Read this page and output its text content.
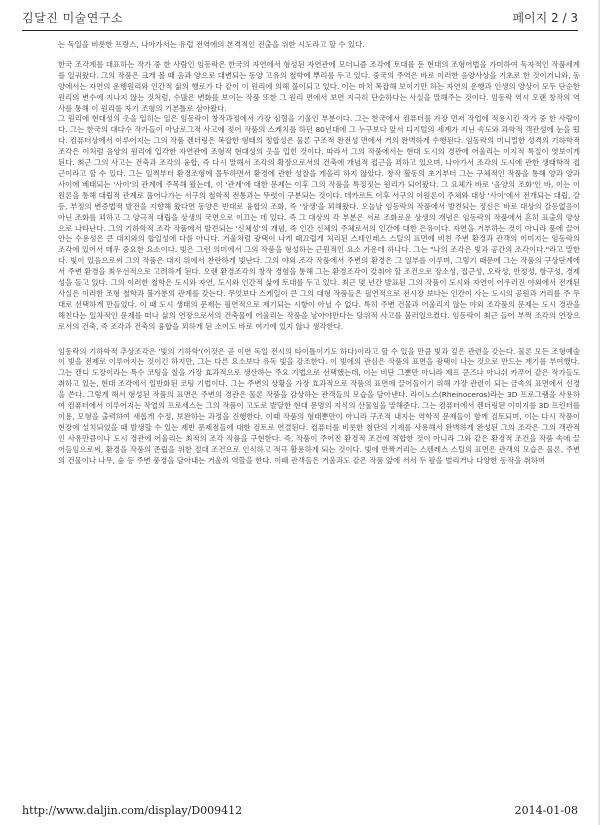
김달진 미술연구소	페이지 2 / 3

는 독일을 비롯한 프랑스, 나아가서는 유럽 전역에의 본격적인 진출을 위한 시도라고 할 수 있다.

한국 조각계를 대표하는 작가 중 한 사람인 임동락은 한국의 자연에서 형성된 자연관에 모더니즘 조각에 토대를 둔 현대의 조형어법을 가미하여 독자적인 작품세계를 일궈왔다. 그의 작품은 크게 볼 때 음과 양으로 대변되는 동양 고유의 철학에 뿌리를 두고 있다. 중국의 주역은 바로 이러한 음양사상을 기초로 한 것이거니와, 동양에서는 자연의 운행원리와 인간적 삶의 행로가 다 같이 이 원리에 의해 풀이되고 있다. 이는 마치 복잡해 보이기만 하는 자연의 운행과 인생의 양상이 모두 단순한 원리의 변수에 지나지 않는 것처럼, 수많은 변화를 보이는 작품 또한 그 원리 면에서 보면 지극히 단순하다는 사실을 말해주는 것이다. 임동락 역시 오랜 창작의 역사를 통해 이 원리를 자기 조형의 기본틀로 삼아왔다.

그 원리에 현대성의 옷을 입히는 일은 임동락이 창작과정에서 가장 심혈을 기울인 부분이다. 그는 한국에서 컴퓨터를 가장 먼저 작업에 적용시킨 작가 중 한 사람이다. 그는 한국의 대다수 작가들이 아날로그적 사고에 젖어 작품의 스케치를 하던 80년대에 그 누구보다 앞서 디지털의 세계가 지닌 속도와 과학적 객관성에 눈을 떴다. 컴퓨터상에서 이루어지는 그의 작품 렌더링은 복잡한 형태의 정합성은 물론 구조적 완전성 면에서 거의 완벽하게 수행된다. 임동락의 미니멀한 성격의 기하학적 조각은 이처럼 음양의 원리에 입각한 자연관에 조형적 현대성의 옷을 입힌 것이다. 따라서 그의 작품에서는 현대 도시의 경관에 어울리는 이지적 특질이 엿보이게 된다. 최근 그의 사고는 건축과 조각의 융합, 즉 다시 말해서 조각의 확장으로서의 건축에 개념적 접근을 꾀하고 있으며, 나아가서 조각의 도시에 관한 생태학적 접근이라고 할 수 있다. 그는 일찍부터 환경조형에 몰두하면서 환경에 관한 성찰을 게을리 하지 않았다. 창작 활동의 초기부터 그는 구체적인 작품을 통해 양과 양과 사이에 베태되는 '사이'의 관계에 주목해 왔는데, 이 '관계'에 대한 문제는 이후 그의 작품을 특징짓는 원리가 되어왔다. 그 요체가 바로 '음양의 조화'인 바, 이는 이원론을 통해 대립적 관계로 풀어나가는 서구의 철학적 전통과는 뚜렷이 구분되는 것이다. 데카르트 이후 서구의 이원론이 주체와 대상 '사이'에서 전개되는 대립, 갈등, 부정의 변증법적 발전을 지향해 왔다면 동양은 반대로 융합의 조화, 즉 '상생'을 꾀해왔다. 오늘날 임동락의 작품에서 발견되는 정신은 바로 대상의 갈등없음이 아닌 조화를 꾀하고 그 양극적 대립을 상생의 국면으로 이끄는 데 있다. 즉 그 대상의 각 부분은 서로 조화로운 상생의 개념은 임동락의 작품에서 흔히 표출의 양상으로 나타난다. 그의 기하학적 조각 작품에서 발견되는 '신체성'의 개념, 즉 인간 신체의 주체로서의 인간에 대한 은유이다. 자연을 거부하는 것이 아니라 품에 끌어안는 수용성은 큰 대지와의 합일성에 다름 아니다. 거울처럼 광택이 나게 때끄럽게 처리된 스테인레스 스틸의 표면에 비친 주변 환경과 관객의 이미지는 임동락의 조각에 있어서 매우 중요한 요소이다. 빛은 그런 의미에서 그의 작품을 형성하는 근원적인 요소 가운데 하나다. 그는 "나의 조각은 빛과 공간의 조각이다."라고 말한다. 빛이 있음으로써 그의 작품은 대지 위에서 찬란하게 빛난다. 그의 야외 조각 작품에서 주변의 환경은 그 일부를 이루며, 그렇기 때문에 그는 작품의 구상단계에서 주변 환경을 최우선적으로 고려하게 된다. 오랜 환경조각의 창작 경험을 통해 그는 환경조각이 갖춰야 할 조건으로 장소성, 접근성, 오락성, 안정성, 항구성, 경제성을 들고 있다. 그의 이러한 철학은 도시와 자연, 도시와 인간적 삶에 토대를 두고 있다. 최근 몇 년간 발표된 그의 작품이 도시와 자연이 어우러진 야외에서 전개된 사실은 이러한 조형 철학과 불가분의 관계를 갖는다. 무엇보다 스케일이 큰 그의 대형 작품들은 필연적으로 전시장 보다는 인간이 사는 도시의 공원과 거리를 주 무대로 선택하게 만들었다. 이 때 도시 생태의 문제는 필연적으로 제기되는 시항이 아닐 수 없다. 특히 주변 건물과 어울리지 않는 야외 조각품의 문제는 도시 경관을 해친다는 일차적인 문제를 떠나 삶의 연장으로서의 건축물에 어울리는 작품을 낳아야만다는 당위적 사고를 불러일으켰다. 임동락이 최근 들어 부쩍 조각의 연장으로서의 건축, 즉 조각과 건축의 융합을 꾀하게 된 소이도 바로 여기에 있지 않나 생각한다.

임동락의 기하학적 추상조각은 '빛의 기하학'(이것은 곧 이번 독일 전시의 타이틀이기도 하다)이라고 할 수 있을 만큼 빛과 깊은 관련을 갖는다. 물론 모든 조형예술이 빛을 전제로 이루어지는 것이긴 하지만, 그는 다른 요소보다 유독 빛을 강조한다. 이 빛에의 관심은 작품의 표면을 광택이 나는 것으로 만드는 계기를 부여했다. 그는 캔디 도장이라는 특수 코팅을 칠을 가장 효과적으로 생산하는 주요 기법으로 선택했는데, 이는 비단 그뿐만 아니라 제프 쿤즈나 아니쉬 카푸어 같은 작가들도 취하고 있는, 현대 조각에서 일반화된 코팅 기법이다. 그는 주변의 상황을 가장 효과적으로 작품의 표면에 끌어들이기 위해 가장 관련이 되는 금속의 표면에서 신경을 쓴다. 그렇게 해서 형성된 작품의 표면은 주변의 경관은 물론 작품을 감상하는 관객들의 모습을 담아낸다. 라이노스(Rheinoceros)라는 3D 프로그램을 사용하여 컴퓨터에서 이루어지는 작업의 프로세스는 그의 작품이 고도로 발달한 현대 문명의 지식의 산물임을 말해준다. 그는 컴퓨터에서 렌더링된 이미지를 3D 프린터를 이용, 모형을 출력하여 새롭게 수정, 보완하는 과정을 진행한다. 이때 작품의 형태뿐만이 아니라 구조적 내지는 역학적 문제들이 함께 검토되며, 이는 다시 작품이 현장에 설치되었을 때 발생할 수 있는 제반 문제점들에 대한 검토로 연결된다. 컴퓨터를 비롯한 첨단의 기계를 사용해서 완벽하게 완성된 그의 조각은 그의 객관적인 사유만큼이나 도시 경관에 어울리는 최적의 조각 작품을 구현한다. 즉, 작품이 주어진 환경적 조건에 적합한 것이 아니라 그와 같은 환경적 조건을 작품 속에 끌어들임으로써, 환경을 작품의 존립을 위한 절대 조건으로 인식하고 적극 활용하게 되는 것이다. 빛에 반짝거리는 스텐레스 스틸의 표면은 관객의 모습은 물론, 주변의 건물이나 나무, 숲 등 주변 풍경을 담아내는 거울의 역할을 한다. 이때 관객들은 거울과도 같은 작품 앞에 서서 두 팔을 벌리거나 다양한 동작을 취하며

http://www.daljin.com/display/D009412	2014-01-08
